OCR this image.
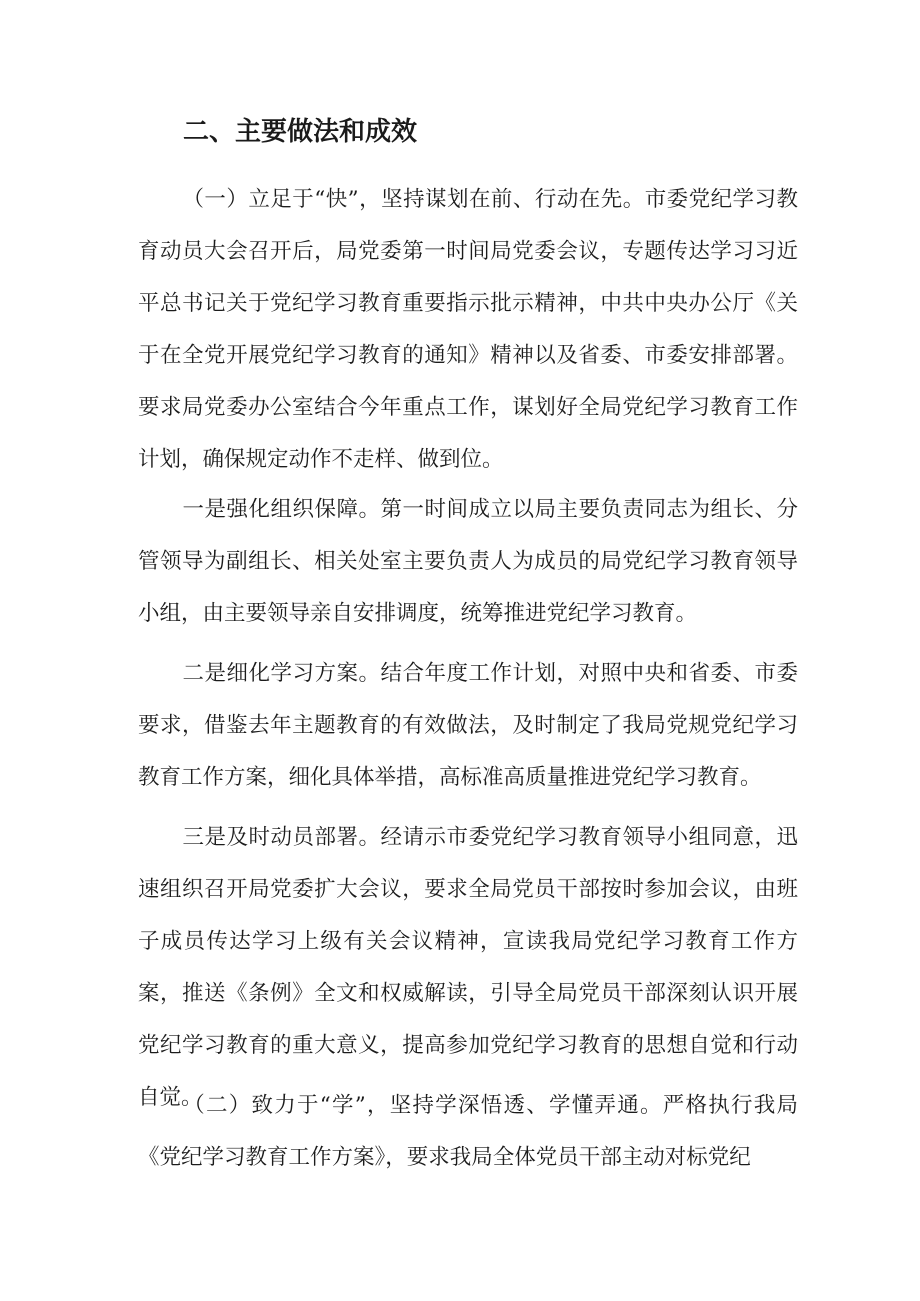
二、主要做法和成效
（一）立足于“快”，坚持谋划在前、行动在先。市委党纪学习教育动员大会召开后，局党委第一时间局党委会议，专题传达学习习近平总书记关于党纪学习教育重要指示批示精神，中共中央办公厅《关于在全党开展党纪学习教育的通知》精神以及省委、市委安排部署。要求局党委办公室结合今年重点工作，谋划好全局党纪学习教育工作计划，确保规定动作不走样、做到位。
一是强化组织保障。第一时间成立以局主要负责同志为组长、分管领导为副组长、相关处室主要负责人为成员的局党纪学习教育领导小组，由主要领导亲自安排调度，统筹推进党纪学习教育。
二是细化学习方案。结合年度工作计划，对照中央和省委、市委要求，借鉴去年主题教育的有效做法，及时制定了我局党规党纪学习教育工作方案，细化具体举措，高标准高质量推进党纪学习教育。
三是及时动员部署。经请示市委党纪学习教育领导小组同意，迅速组织召开局党委扩大会议，要求全局党员干部按时参加会议，由班子成员传达学习上级有关会议精神，宣读我局党纪学习教育工作方案，推送《条例》全文和权威解读，引导全局党员干部深刻认识开展党纪学习教育的重大意义，提高参加党纪学习教育的思想自觉和行动自觉。
（二）致力于“学”，坚持学深悟透、学懂弄通。严格执行我局《党纪学习教育工作方案》，要求我局全体党员干部主动对标党纪
